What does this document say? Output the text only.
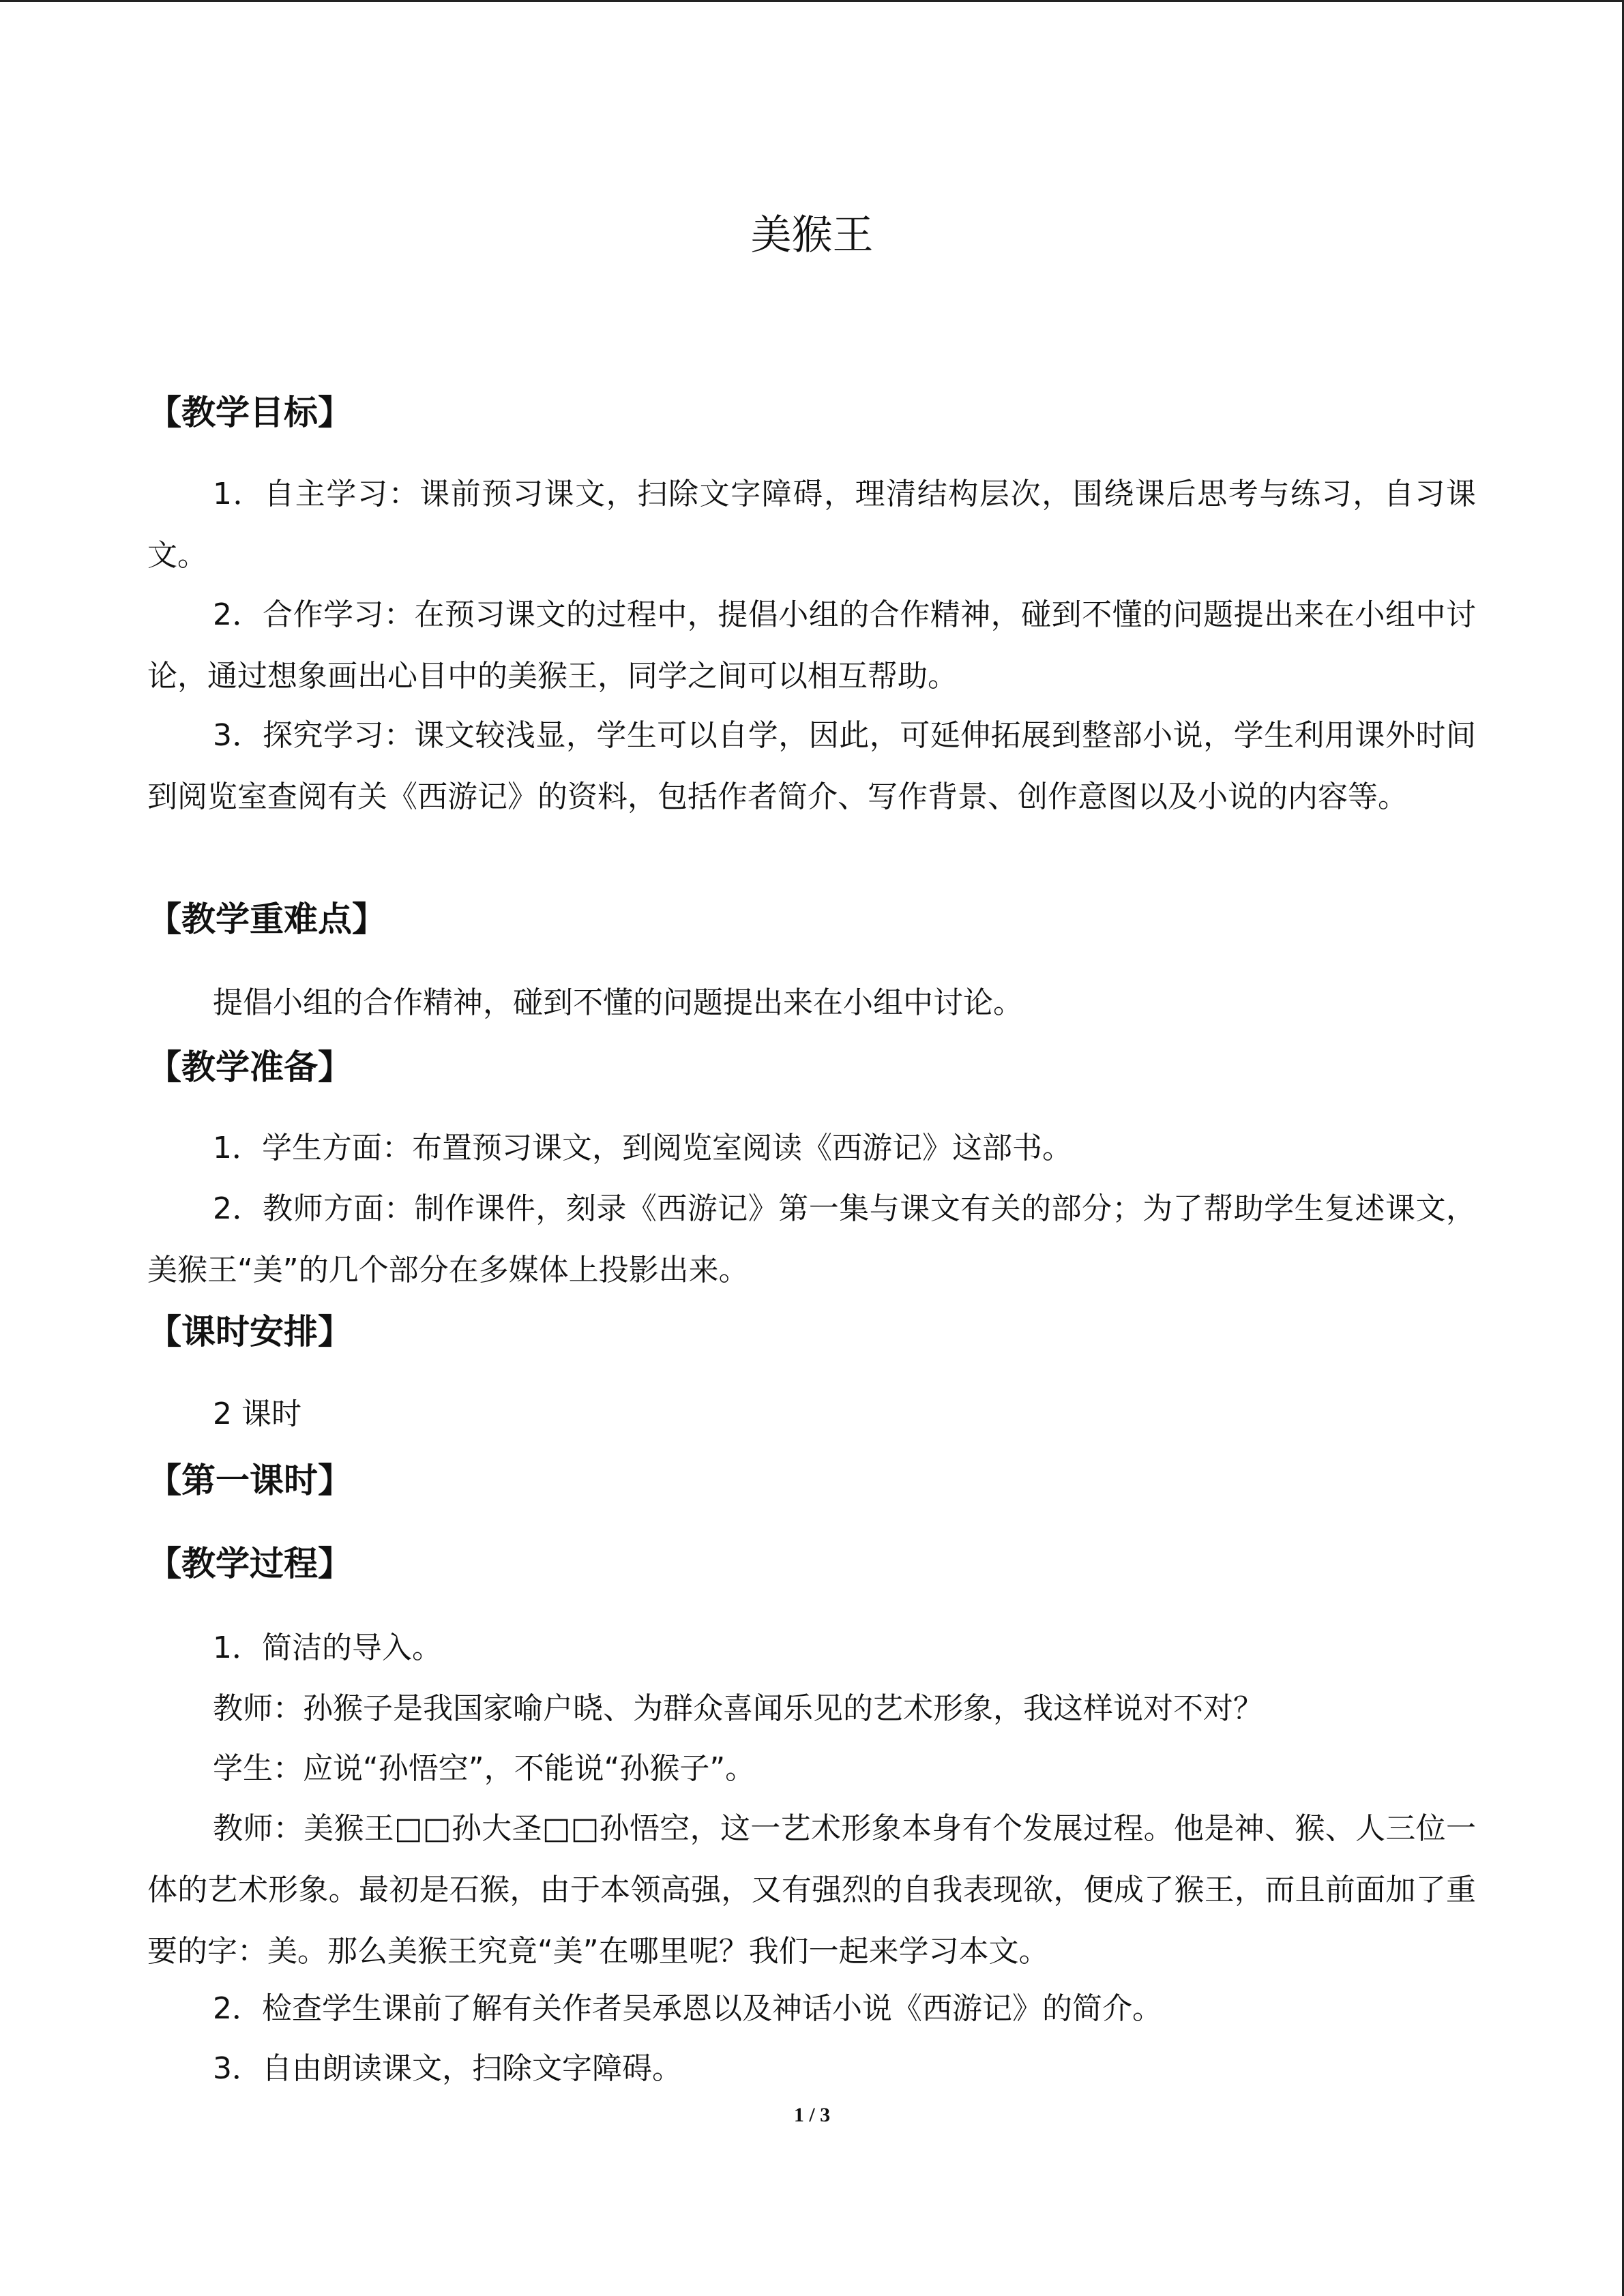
美猴王
【教学目标】
1．自主学习：课前预习课文，扫除文字障碍，理清结构层次，围绕课后思考与练习，自习课文。
2．合作学习：在预习课文的过程中，提倡小组的合作精神，碰到不懂的问题提出来在小组中讨论，通过想象画出心目中的美猴王，同学之间可以相互帮助。
3．探究学习：课文较浅显，学生可以自学，因此，可延伸拓展到整部小说，学生利用课外时间到阅览室查阅有关《西游记》的资料，包括作者简介、写作背景、创作意图以及小说的内容等。
【教学重难点】
提倡小组的合作精神，碰到不懂的问题提出来在小组中讨论。
【教学准备】
1．学生方面：布置预习课文，到阅览室阅读《西游记》这部书。
2．教师方面：制作课件，刻录《西游记》第一集与课文有关的部分；为了帮助学生复述课文，美猴王“美”的几个部分在多媒体上投影出来。
【课时安排】
2 课时
【第一课时】
【教学过程】
1．简洁的导入。
教师：孙猴子是我国家喻户晓、为群众喜闻乐见的艺术形象，我这样说对不对？
学生：应说“孙悟空”，不能说“孙猴子”。
教师：美猴王□□孙大圣□□孙悟空，这一艺术形象本身有个发展过程。他是神、猴、人三位一体的艺术形象。最初是石猴，由于本领高强，又有强烈的自我表现欲，便成了猴王，而且前面加了重要的字：美。那么美猴王究竟“美”在哪里呢？我们一起来学习本文。
2．检查学生课前了解有关作者吴承恩以及神话小说《西游记》的简介。
3．自由朗读课文，扫除文字障碍。
1 / 3
